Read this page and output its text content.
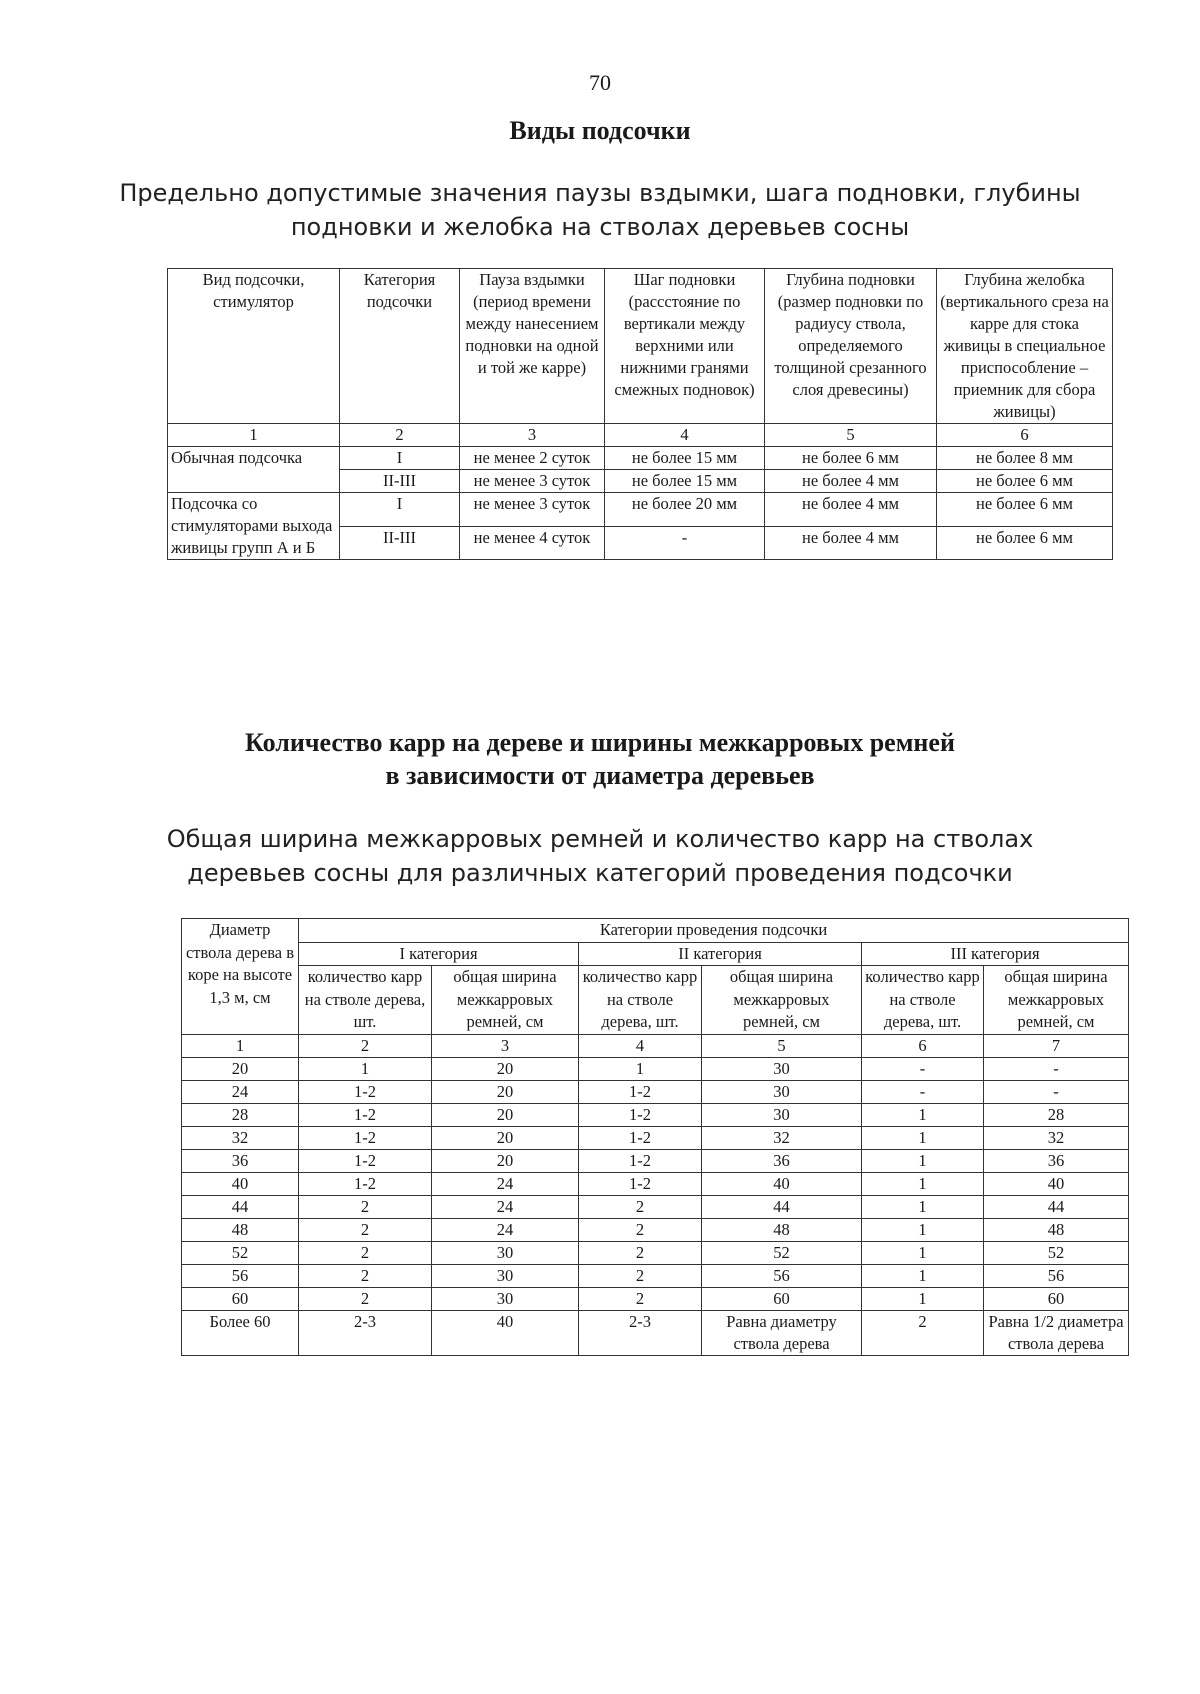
70
Виды подсочки
Предельно допустимые значения паузы вздымки, шага подновки, глубины
подновки и желобка на стволах деревьев сосны
Вид подсочки, стимулятор	Категория подсочки	Пауза вздымки (период времени между нанесением подновки на одной и той же карре)	Шаг подновки (рассстояние по вертикали между верхними или нижними гранями смежных подновок)	Глубина подновки (размер подновки по радиусу ствола, определяемого толщиной срезанного слоя древесины)	Глубина желобка (вертикального среза на карре для стока живицы в специальное приспособление – приемник для сбора живицы)
1	2	3	4	5	6
Обычная подсочка	I	не менее 2 суток	не более 15 мм	не более 6 мм	не более 8 мм
	II-III	не менее 3 суток	не более 15 мм	не более 4 мм	не более 6 мм
Подсочка со стимуляторами выхода живицы групп А и Б	I	не менее 3 суток	не более 20 мм	не более 4 мм	не более 6 мм
	II-III	не менее 4 суток	-	не более 4 мм	не более 6 мм
Количество карр на дереве и ширины межкарровых ремней
в зависимости от диаметра деревьев
Общая ширина межкарровых ремней и количество карр на стволах
деревьев сосны для различных категорий проведения подсочки
Диаметр ствола дерева в коре на высоте 1,3 м, см	Категории проведения подсочки					
	I категория		II категория		III категория	
	количество карр на стволе дерева, шт.	общая ширина межкарровых ремней, см	количество карр на стволе дерева, шт.	общая ширина межкарровых ремней, см	количество карр на стволе дерева, шт.	общая ширина межкарровых ремней, см
1	2	3	4	5	6	7
20	1	20	1	30	-	-
24	1-2	20	1-2	30	-	-
28	1-2	20	1-2	30	1	28
32	1-2	20	1-2	32	1	32
36	1-2	20	1-2	36	1	36
40	1-2	24	1-2	40	1	40
44	2	24	2	44	1	44
48	2	24	2	48	1	48
52	2	30	2	52	1	52
56	2	30	2	56	1	56
60	2	30	2	60	1	60
Более 60	2-3	40	2-3	Равна диаметру ствола дерева	2	Равна 1/2 диаметра ствола дерева
